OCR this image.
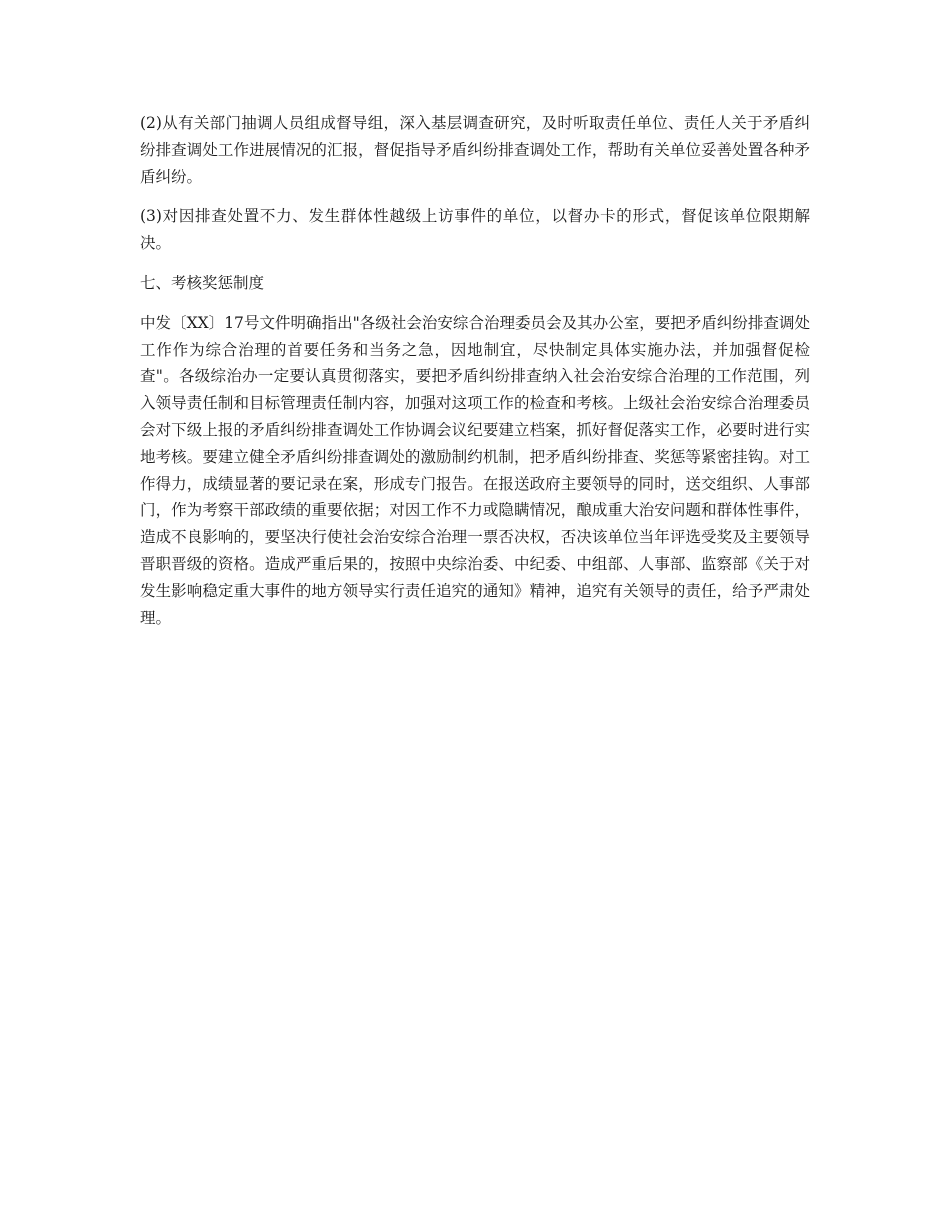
(2)从有关部门抽调人员组成督导组，深入基层调查研究，及时听取责任单位、责任人关于矛盾纠纷排查调处工作进展情况的汇报，督促指导矛盾纠纷排查调处工作，帮助有关单位妥善处置各种矛盾纠纷。

(3)对因排查处置不力、发生群体性越级上访事件的单位，以督办卡的形式，督促该单位限期解决。

七、考核奖惩制度

中发〔XX〕17号文件明确指出"各级社会治安综合治理委员会及其办公室，要把矛盾纠纷排查调处工作作为综合治理的首要任务和当务之急，因地制宜，尽快制定具体实施办法，并加强督促检查"。各级综治办一定要认真贯彻落实，要把矛盾纠纷排查纳入社会治安综合治理的工作范围，列入领导责任制和目标管理责任制内容，加强对这项工作的检查和考核。上级社会治安综合治理委员会对下级上报的矛盾纠纷排查调处工作协调会议纪要建立档案，抓好督促落实工作，必要时进行实地考核。要建立健全矛盾纠纷排查调处的激励制约机制，把矛盾纠纷排查、奖惩等紧密挂钩。对工作得力，成绩显著的要记录在案，形成专门报告。在报送政府主要领导的同时，送交组织、人事部门，作为考察干部政绩的重要依据；对因工作不力或隐瞒情况，酿成重大治安问题和群体性事件，造成不良影响的，要坚决行使社会治安综合治理一票否决权，否决该单位当年评选受奖及主要领导晋职晋级的资格。造成严重后果的，按照中央综治委、中纪委、中组部、人事部、监察部《关于对发生影响稳定重大事件的地方领导实行责任追究的通知》精神，追究有关领导的责任，给予严肃处理。
